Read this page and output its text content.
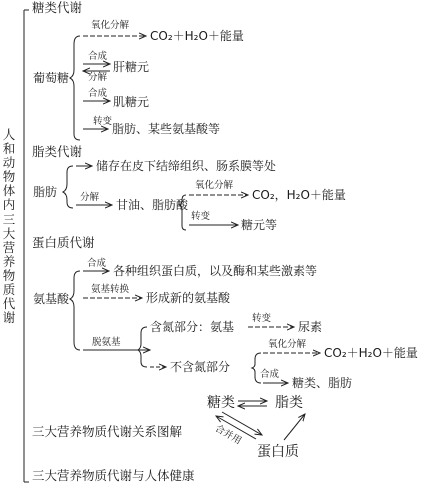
人和动物体内三大营养物质代谢
糖类代谢
葡萄糖
氧化分解
CO₂＋H₂O＋能量
合成
分解
肝糖元
合成
肌糖元
转变
脂肪、某些氨基酸等
脂类代谢
脂肪
储存在皮下结缔组织、肠系膜等处
分解
甘油、脂肪酸
氧化分解
CO₂，H₂O＋能量
转变
糖元等
蛋白质代谢
氨基酸
合成
各种组织蛋白质，以及酶和某些激素等
氨基转换
形成新的氨基酸
脱氨基
含氮部分：氨基
转变
尿素
不含氮部分
氧化分解
CO₂＋H₂O＋能量
合成
糖类、脂肪
糖类	脂类
蛋白质
合并用
三大营养物质代谢关系图解
三大营养物质代谢与人体健康
